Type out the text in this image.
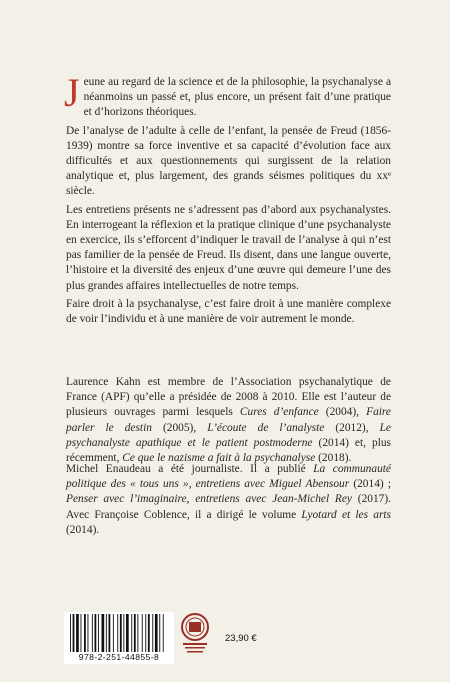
Jeune au regard de la science et de la philosophie, la psychanalyse a néanmoins un passé et, plus encore, un présent fait d’une pratique et d’horizons théoriques.

De l’analyse de l’adulte à celle de l’enfant, la pensée de Freud (1856-1939) montre sa force inventive et sa capacité d’évolution face aux difficultés et aux questionnements qui surgissent de la relation analytique et, plus largement, des grands séismes politiques du xxᵉ siècle.

Les entretiens présents ne s’adressent pas d’abord aux psychanalystes. En interrogeant la réflexion et la pratique clinique d’une psychanalyste en exercice, ils s’efforcent d’indiquer le travail de l’analyse à qui n’est pas familier de la pensée de Freud. Ils disent, dans une langue ouverte, l’histoire et la diversité des enjeux d’une œuvre qui demeure l’une des plus grandes affaires intellectuelles de notre temps.

Faire droit à la psychanalyse, c’est faire droit à une manière complexe de voir l’individu et à une manière de voir autrement le monde.

Laurence Kahn est membre de l’Association psychanalytique de France (APF) qu’elle a présidée de 2008 à 2010. Elle est l’auteur de plusieurs ouvrages parmi lesquels Cures d’enfance (2004), Faire parler le destin (2005), L’écoute de l’analyste (2012), Le psychanalyste apathique et le patient postmoderne (2014) et, plus récemment, Ce que le nazisme a fait à la psychanalyse (2018).

Michel Enaudeau a été journaliste. Il a publié La communauté politique des « tous uns », entretiens avec Miguel Abensour (2014) ; Penser avec l’imaginaire, entretiens avec Jean-Michel Rey (2017). Avec Françoise Coblence, il a dirigé le volume Lyotard et les arts (2014).

978-2-251-44855-8
23,90 €
